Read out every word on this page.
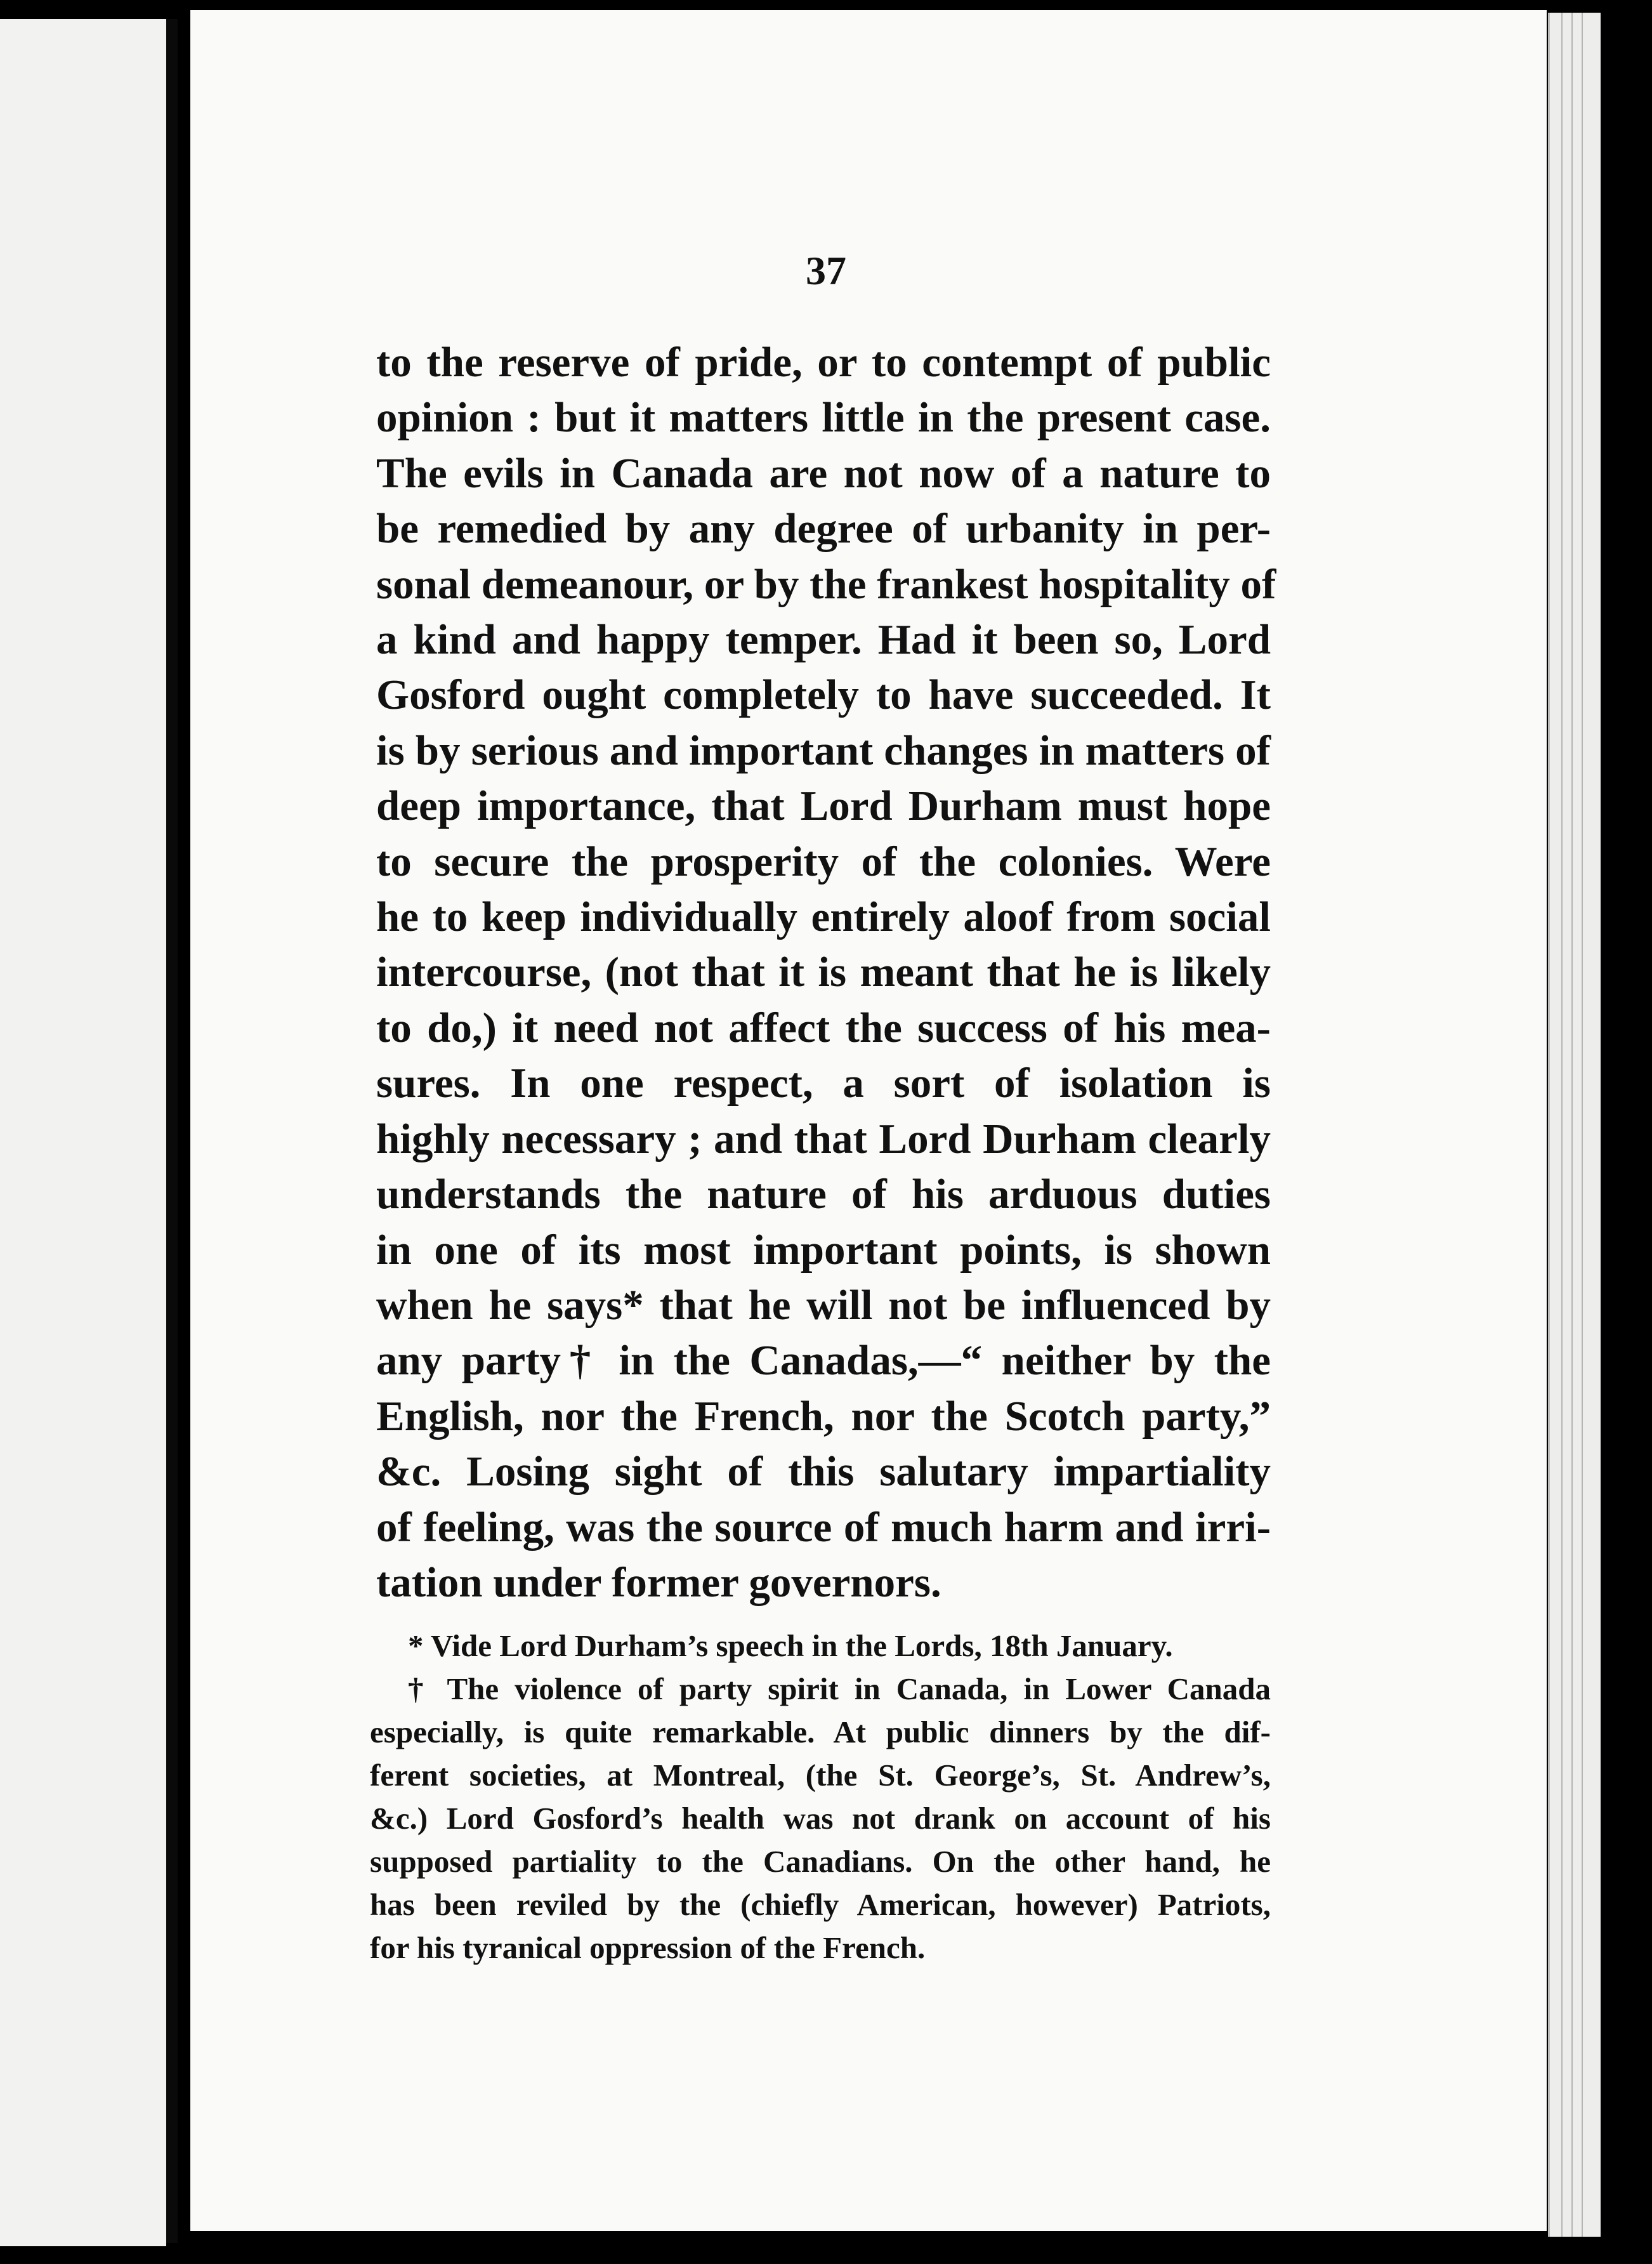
37

to the reserve of pride, or to contempt of public
opinion : but it matters little in the present case.
The evils in Canada are not now of a nature to
be remedied by any degree of urbanity in per-
sonal demeanour, or by the frankest hospitality of
a kind and happy temper. Had it been so, Lord
Gosford ought completely to have succeeded. It
is by serious and important changes in matters of
deep importance, that Lord Durham must hope
to secure the prosperity of the colonies. Were
he to keep individually entirely aloof from social
intercourse, (not that it is meant that he is likely
to do,) it need not affect the success of his mea-
sures. In one respect, a sort of isolation is
highly necessary ; and that Lord Durham clearly
understands the nature of his arduous duties
in one of its most important points, is shown
when he says* that he will not be influenced by
any party† in the Canadas,—“ neither by the
English, nor the French, nor the Scotch party,”
&c. Losing sight of this salutary impartiality
of feeling, was the source of much harm and irri-
tation under former governors.
* Vide Lord Durham’s speech in the Lords, 18th January.
† The violence of party spirit in Canada, in Lower Canada
especially, is quite remarkable. At public dinners by the dif-
ferent societies, at Montreal, (the St. George’s, St. Andrew’s,
&c.) Lord Gosford’s health was not drank on account of his
supposed partiality to the Canadians. On the other hand, he
has been reviled by the (chiefly American, however) Patriots,
for his tyranical oppression of the French.
